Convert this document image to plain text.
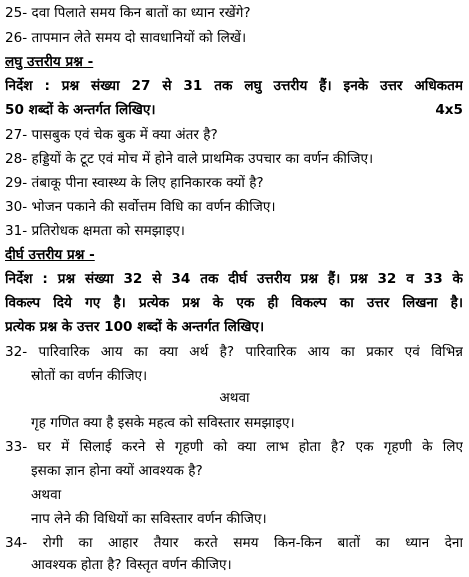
25- दवा पिलाते समय किन बातों का ध्यान रखेंगे?
26- तापमान लेते समय दो सावधानियों को लिखें।
लघु उत्तरीय प्रश्न -
निर्देश : प्रश्न संख्या 27 से 31 तक लघु उत्तरीय हैं। इनके उत्तर अधिकतम
50 शब्दों के अन्तर्गत लिखिए।	4x5
27- पासबुक एवं चेक बुक में क्या अंतर है?
28- हड्डियों के टूट एवं मोच में होने वाले प्राथमिक उपचार का वर्णन कीजिए।
29- तंबाकू पीना स्वास्थ्य के लिए हानिकारक क्यों है?
30- भोजन पकाने की सर्वोत्तम विधि का वर्णन कीजिए।
31- प्रतिरोधक क्षमता को समझाइए।
दीर्घ उत्तरीय प्रश्न -
निर्देश : प्रश्न संख्या 32 से 34 तक दीर्घ उत्तरीय प्रश्न हैं। प्रश्न 32 व 33 के
विकल्प दिये गए है। प्रत्येक प्रश्न के एक ही विकल्प का उत्तर लिखना है।
प्रत्येक प्रश्न के उत्तर 100 शब्दों के अन्तर्गत लिखिए।
32- पारिवारिक आय का क्या अर्थ है? पारिवारिक आय का प्रकार एवं विभिन्न
स्रोतों का वर्णन कीजिए।
अथवा
गृह गणित क्या है इसके महत्व को सविस्तार समझाइए।
33- घर में सिलाई करने से गृहणी को क्या लाभ होता है? एक गृहणी के लिए
इसका ज्ञान होना क्यों आवश्यक है?
अथवा
नाप लेने की विधियों का सविस्तार वर्णन कीजिए।
34- रोगी का आहार तैयार करते समय किन-किन बातों का ध्यान देना
आवश्यक होता है? विस्तृत वर्णन कीजिए।
